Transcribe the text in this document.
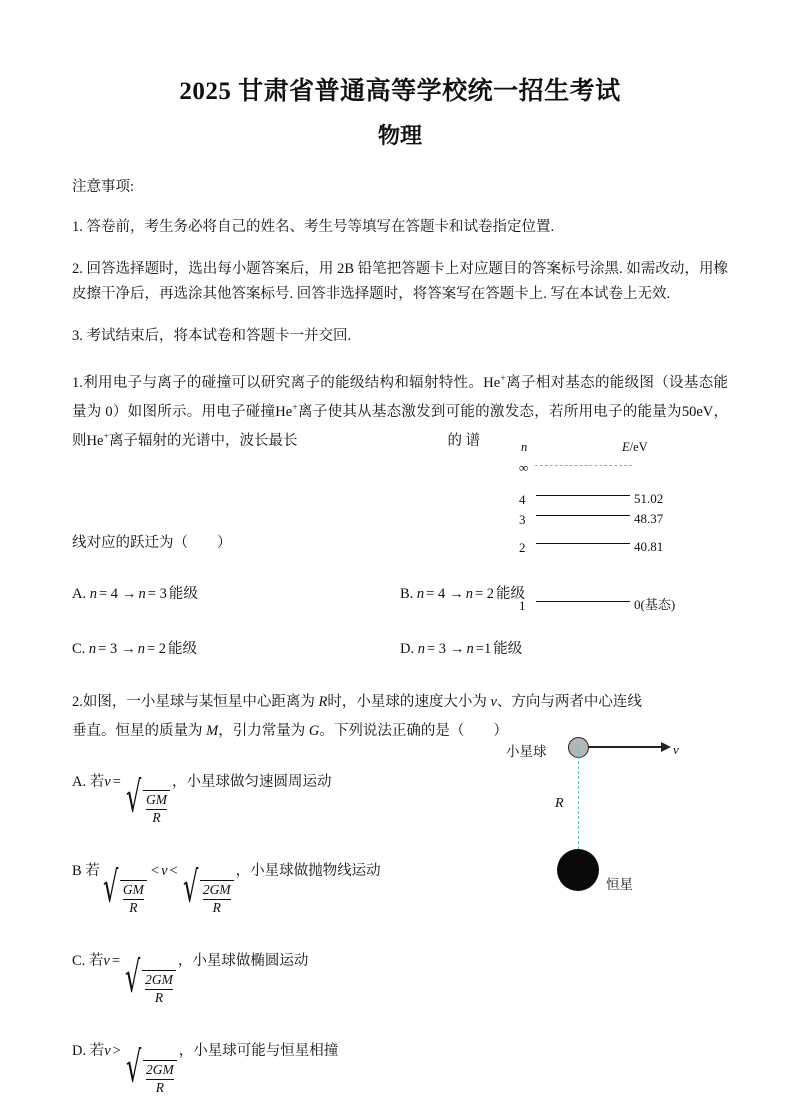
2025 甘肃省普通高等学校统一招生考试
物理
注意事项:
1. 答卷前，考生务必将自己的姓名、考生号等填写在答题卡和试卷指定位置.
2. 回答选择题时，选出每小题答案后，用 2B 铅笔把答题卡上对应题目的答案标号涂黑. 如需改动，用橡皮擦干净后，再选涂其他答案标号. 回答非选择题时，将答案写在答题卡上. 写在本试卷上无效.
3. 考试结束后，将本试卷和答题卡一并交回.
n	E/eV
∞
4	51.02
3	48.37
2	40.81
1	0(基态)
1.利用电子与离子的碰撞可以研究离子的能级结构和辐射特性。He+离子相对基态的能级图（设基态能量为 0）如图所示。用电子碰撞He+离子使其从基态激发到可能的激发态，若所用电子的能量为50eV，则He+离子辐射的光谱中，波长最长	的 谱

线对应的跃迁为（　　）
A. n = 4 → n = 3 能级	B. n = 4 → n = 2 能级
C. n = 3 → n = 2 能级	D. n = 3 → n =1 能级
2.如图，一小星球与某恒星中心距离为 R时，小星球的速度大小为 v、方向与两者中心连线
垂直。恒星的质量为 M，引力常量为 G。下列说法正确的是（　　）
小星球	v
R
恒星
A. 若v = √ $\frac{GM}{R}$
，小星球做匀速圆周运动
B 若 √ $\frac{GM}{R}$
< v < √ $\frac{2GM}{R}$
，小星球做抛物线运动
C. 若v = √ $\frac{2GM}{R}$
，小星球做椭圆运动
D. 若v > √ $\frac{2GM}{R}$
，小星球可能与恒星相撞
